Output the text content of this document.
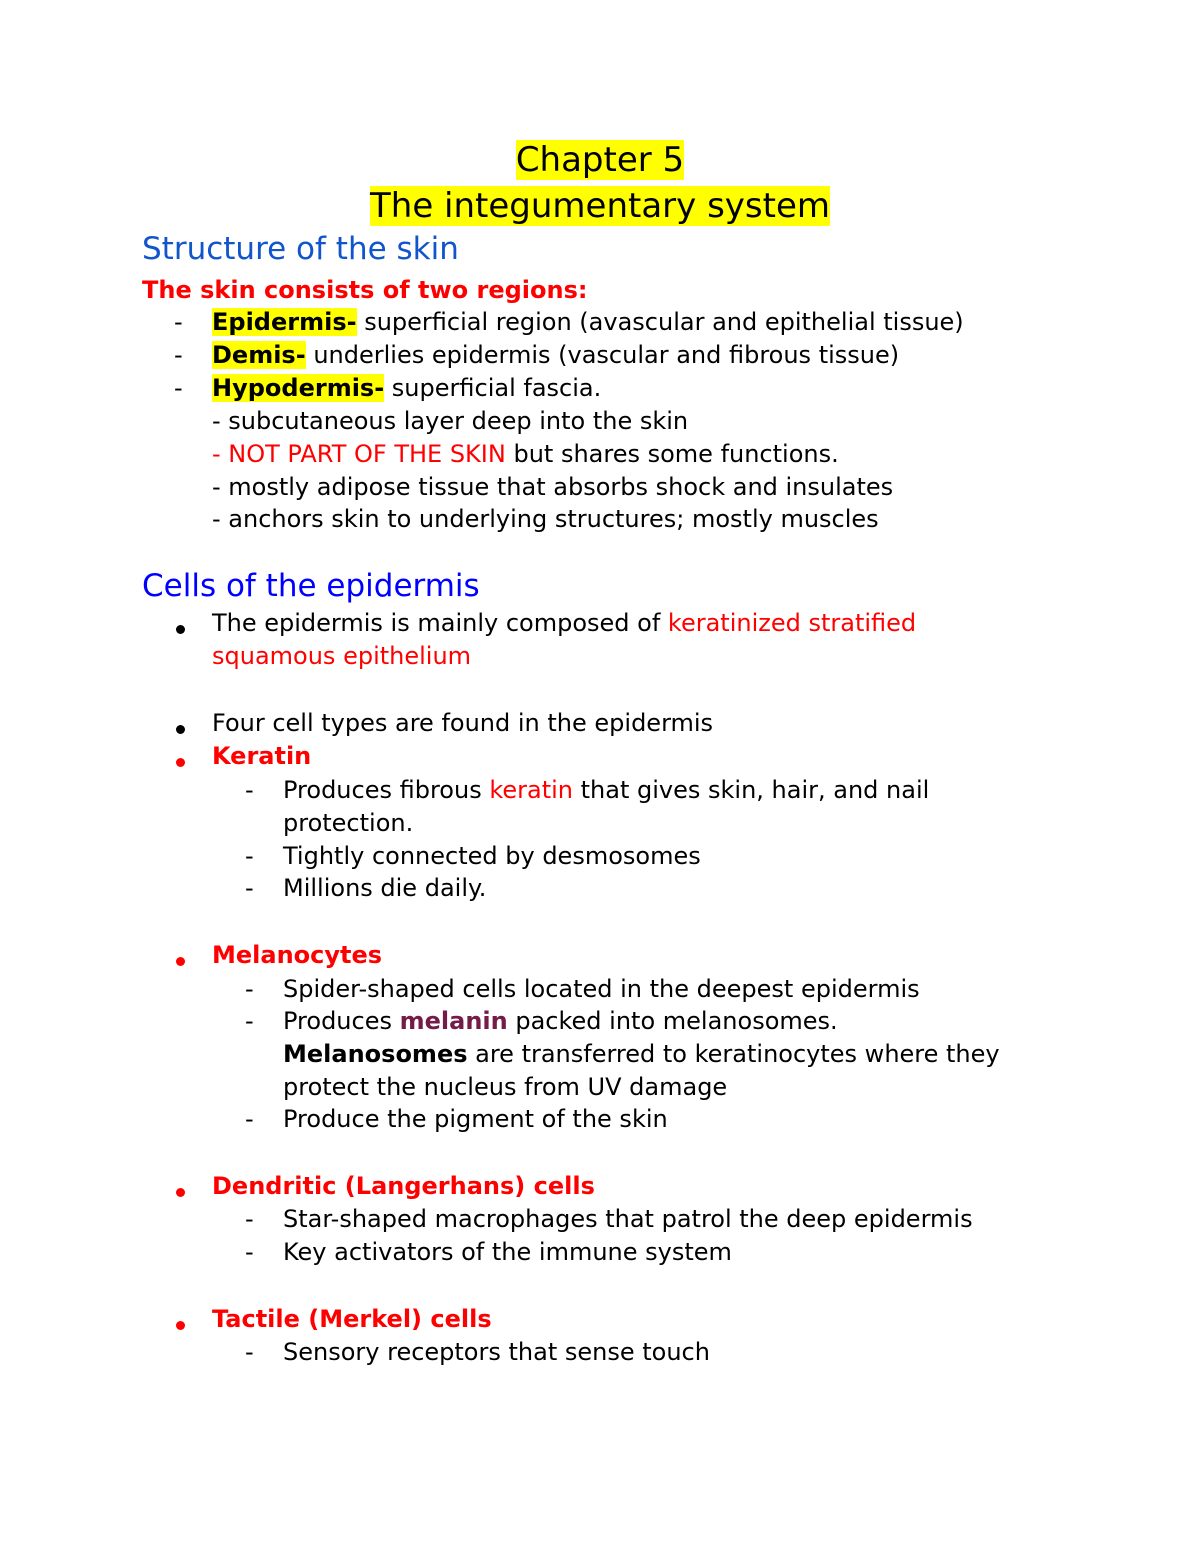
Chapter 5
The integumentary system
Structure of the skin
The skin consists of two regions:
- Epidermis- superficial region (avascular and epithelial tissue)
- Demis- underlies epidermis (vascular and fibrous tissue)
- Hypodermis- superficial fascia.
- subcutaneous layer deep into the skin
- NOT PART OF THE SKIN but shares some functions.
- mostly adipose tissue that absorbs shock and insulates
- anchors skin to underlying structures; mostly muscles
Cells of the epidermis
The epidermis is mainly composed of keratinized stratified
squamous epithelium
Four cell types are found in the epidermis
Keratin
- Produces fibrous keratin that gives skin, hair, and nail
protection.
- Tightly connected by desmosomes
- Millions die daily.
Melanocytes
- Spider-shaped cells located in the deepest epidermis
- Produces melanin packed into melanosomes.
Melanosomes are transferred to keratinocytes where they
protect the nucleus from UV damage
- Produce the pigment of the skin
Dendritic (Langerhans) cells
- Star-shaped macrophages that patrol the deep epidermis
- Key activators of the immune system
Tactile (Merkel) cells
- Sensory receptors that sense touch
